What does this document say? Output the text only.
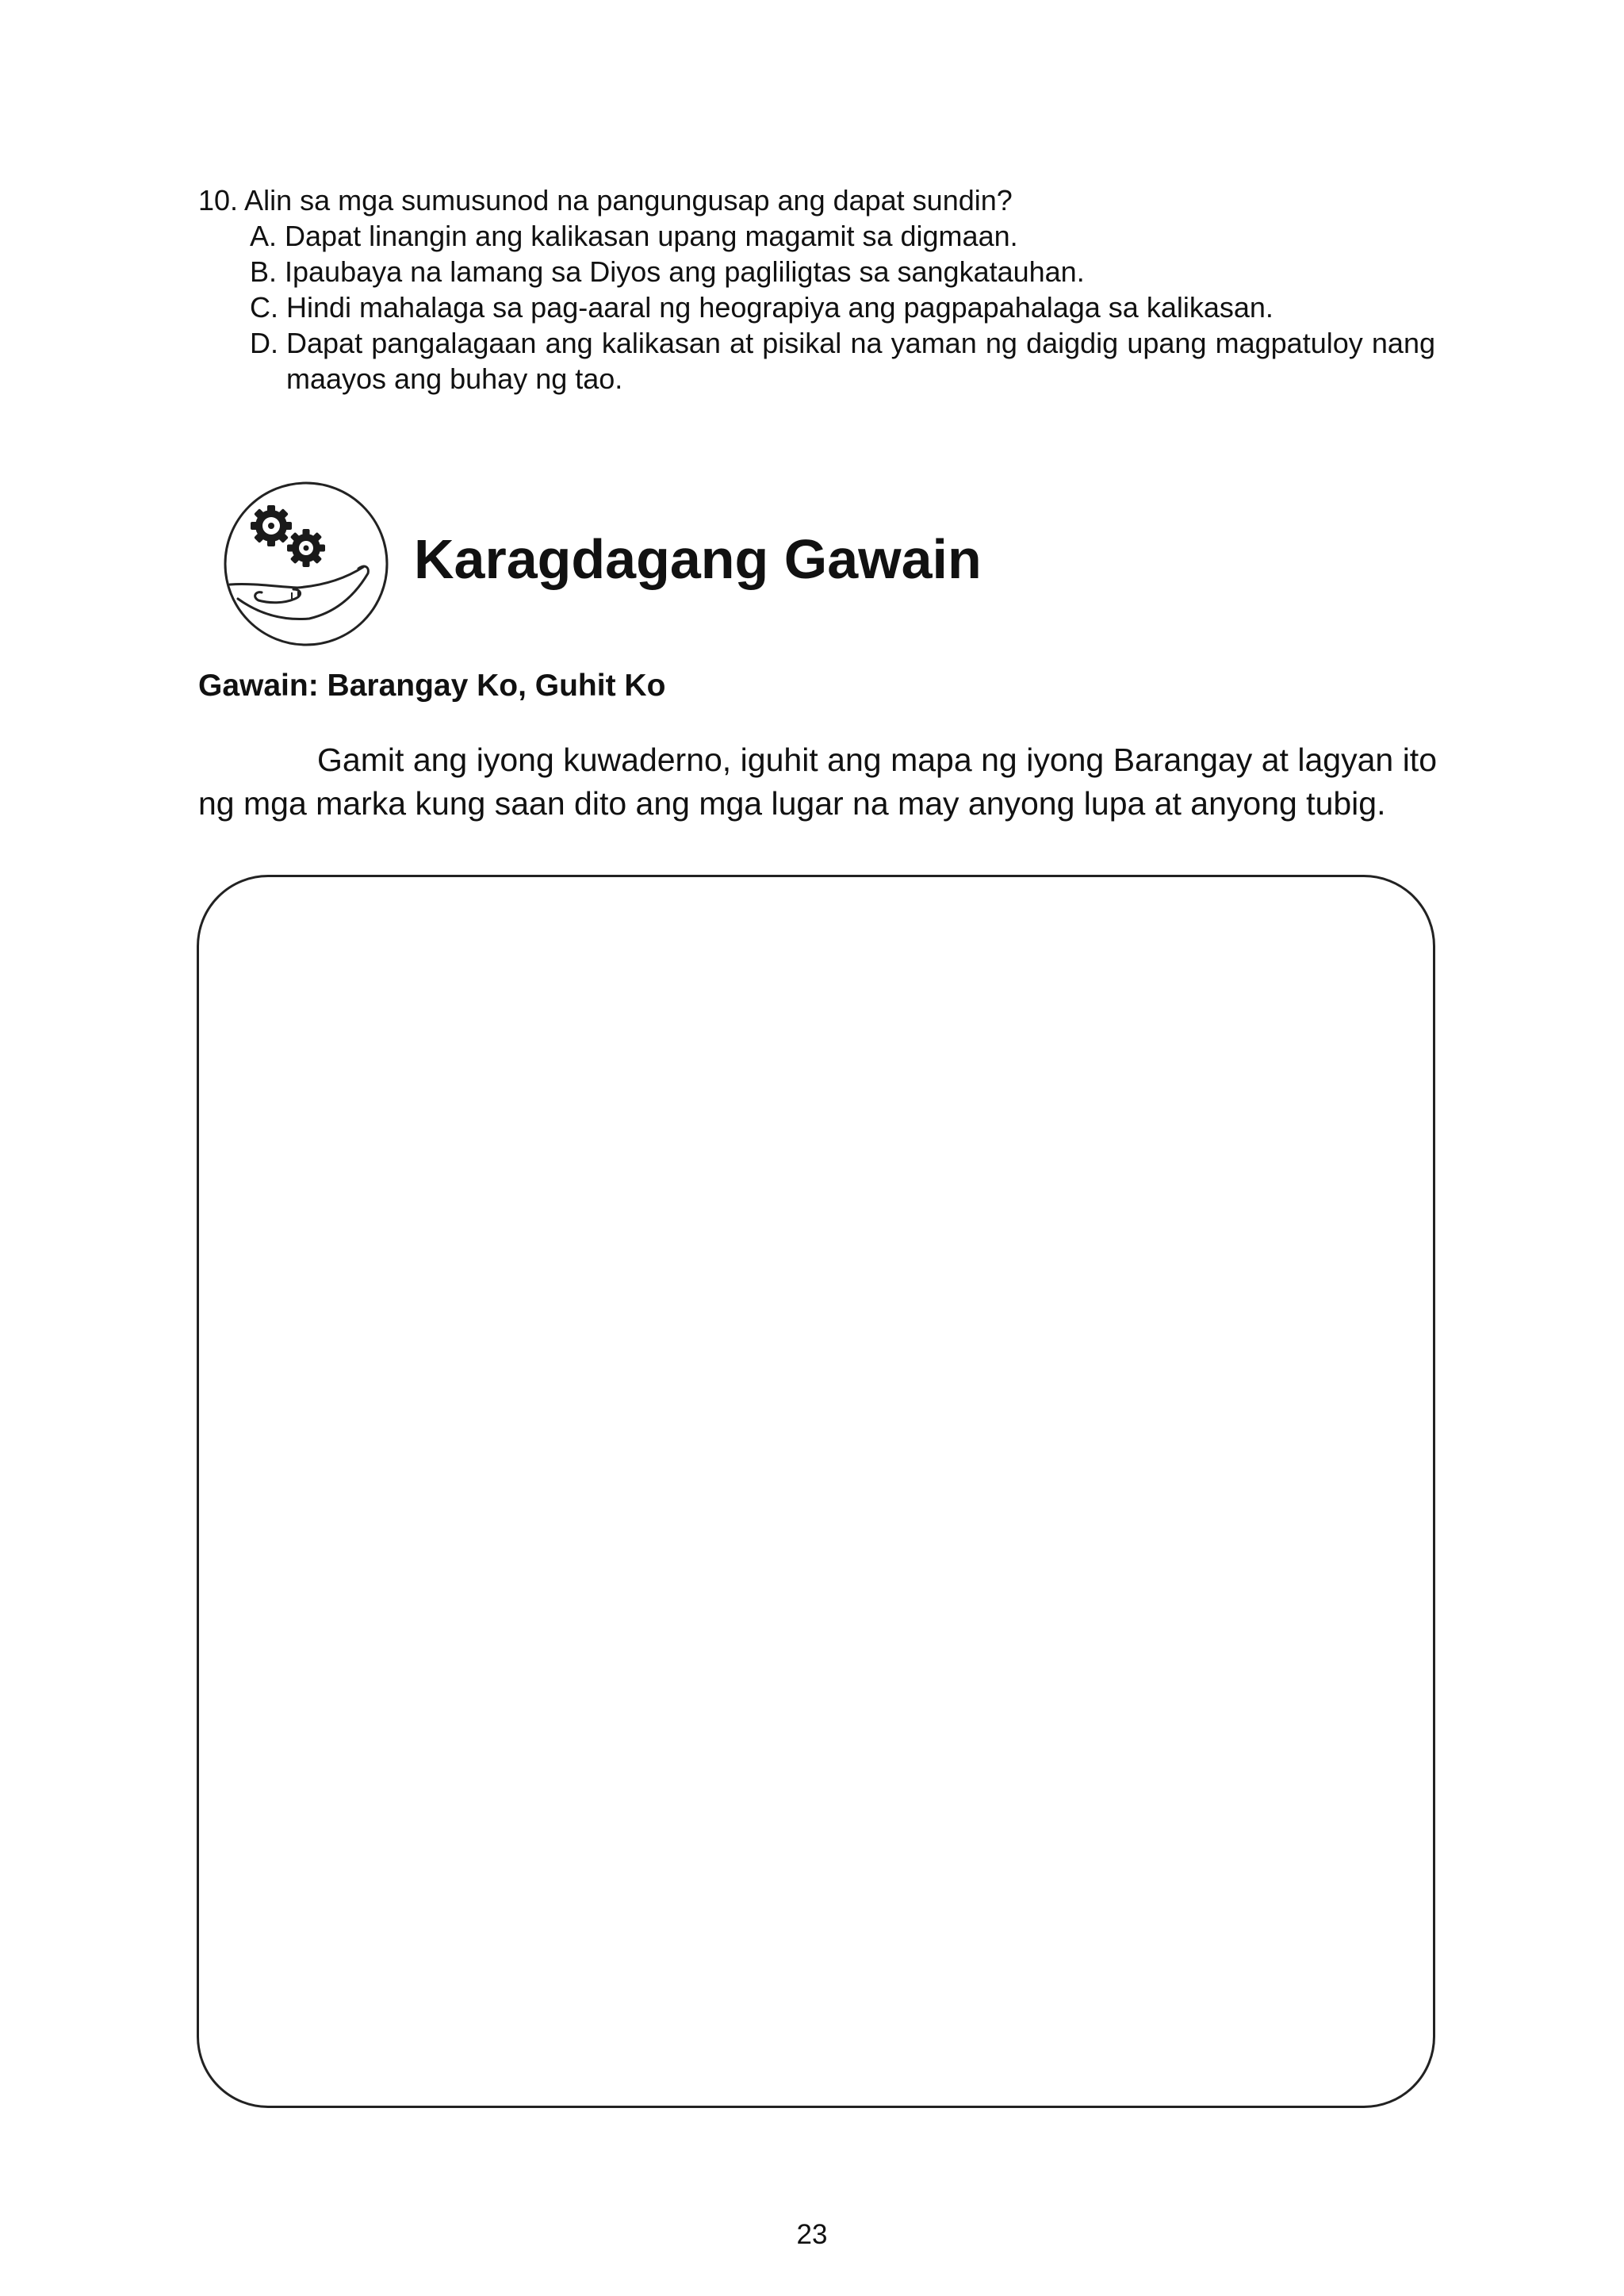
10. Alin sa mga sumusunod na pangungusap ang dapat sundin?

A. Dapat linangin ang kalikasan upang magamit sa digmaan.
B. Ipaubaya na lamang sa Diyos ang pagliligtas sa sangkatauhan.
C. Hindi mahalaga sa pag-aaral ng heograpiya ang pagpapahalaga sa kalikasan.
D. Dapat pangalagaan ang kalikasan at pisikal na yaman ng daigdig upang magpatuloy nang maayos ang buhay ng tao.
Karagdagang Gawain
Gawain: Barangay Ko, Guhit Ko

Gamit ang iyong kuwaderno, iguhit ang mapa ng iyong Barangay at lagyan ito ng mga marka kung saan dito ang mga lugar na may anyong lupa at anyong tubig.

23
